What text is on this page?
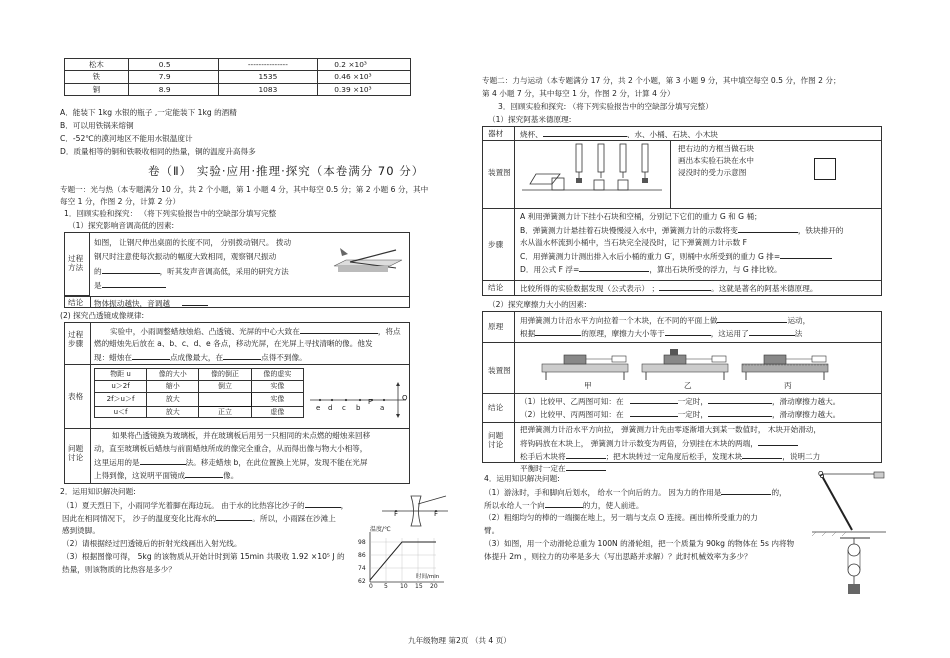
松木	0.5	---------------	0.2 ×10³
铁	7.9	1535	0.46 ×10³
铜	8.9	1083	0.39 ×10³
A．能装下 1kg 水银的瓶子 ,一定能装下 1kg 的酒精
B．可以用铁锅来熔铜
C．-52℃的漠河地区不能用水银温度计
D．质量相等的铜和铁吸收相同的热量，铜的温度升高得多
卷（Ⅱ） 实验·应用·推理·探究（本卷满分 70 分）
专题一：光与热（本专题满分 10 分，共 2 个小题，第 1 小题 4 分，其中每空 0.5 分；第 2 小题 6 分，其中
每空 1 分，作图 2 分，计算 2 分）
1．回顾实验和探究： （将下列实验报告中的空缺部分填写完整
（1）探究影响音调高低的因素:
过程方法
如图， 让钢尺伸出桌面的长度不同， 分别拨动钢尺。 拨动
钢尺时注意使每次振动的幅度大致相同，观察钢尺振动
的	，听其发声音调高低，采用的研究方法
是
结论 物体振动越快，音调越
(2) 探究凸透镜成像规律:
过程步骤
实验中，小雨调整蜡烛烛焰、凸透镜、光屏的中心大致在	，将点
燃的蜡烛先后放在 a、b、c、d、e 各点，移动光屏，在光屏上寻找清晰的像。他发
现：蜡烛在	点成像最大，在	点得不到像。
表格
物距 u	像的大小	像的倒正	像的虚实
u＞2f	缩小	倒立	实像
2f＞u＞f	放大		实像
u＜f	放大	正立	虚像	e d c b
F
a
O
问题讨论
如果将凸透镜换为玻璃板，并在玻璃板后用另一只相同的未点燃的蜡烛来回移
动，直至玻璃板后蜡烛与前面蜡烛所成的像完全重合，从而得出像与物大小相等，
这里运用的是	法。移走蜡烛 b，在此位置换上光屏，发现不能在光屏
上得到像，这说明平面镜成	像。
2．运用知识解决问题:
（1）夏天烈日下，小雨同学光着脚在海边玩。 由于水的比热容比沙子的	，
因此在相同情况下， 沙子的温度变化比海水的	。所以，小雨踩在沙滩上
感到烫脚。
（2）请根据经过凹透镜后的折射光线画出入射光线。
（3）根据图像可得， 5kg 的该物质从开始计时到第 15min 共吸收 1.92 ×10⁵ J 的
热量，则该物质的比热容是多少？
F	F
温度/℃
98
86
74
62
0 5 10 15 20
时间/min
专题二：力与运动（本专题满分 17 分，共 2 个小题，第 3 小题 9 分，其中填空每空 0.5 分，作图 2 分；
第 4 小题 7 分，其中每空 1 分，作图 2 分，计算 4 分）
3．回顾实验和探究: （将下列实验报告中的空缺部分填写完整）
（1）探究阿基米德原理:
器材 烧杯、	、水、小桶、石块、小木块
装置图
把右边的方框当做石块
画出本实验石块在水中
浸没时的受力示意图
步骤
A 利用弹簧测力计下挂小石块和空桶，分别记下它们的重力 G 和 G 桶；
B．弹簧测力计悬挂着石块慢慢浸入水中，弹簧测力计的示数将变	，铁块排开的
水从溢水杯流到小桶中，当石块完全浸没时，记下弹簧测力计示数 F
C．用弹簧测力计测出排入水后小桶的重力 G′，则桶中水所受到的重力 G 排=
D．用公式 F 浮=	，算出石块所受的浮力，与 G 排比较。
结论 比较所得的实验数据发现（公式表示） ；	。这就是著名的阿基米德原理。
（2）探究摩擦力大小的因素:
原理
用弹簧测力计沿水平方向拉着一个木块，在不同的平面上做	运动，
根据	的原理，摩擦力大小等于	，这运用了	法
装置图
甲	乙	丙
结论
（1）比较甲、乙两图可知：在	一定时，	，滑动摩擦力越大。
（2）比较甲、丙两图可知：在	一定时，	，滑动摩擦力越大。
问题讨论
把弹簧测力计沿水平方向拉， 弹簧测力计先由零逐渐增大到某一数值时， 木块开始滑动，
将钩码放在木块上， 弹簧测力计示数变为两倍，分别挂在木块的两端，
松手后木块将	；把木块转过一定角度后松手，发现木块	，说明二力
平衡时一定在
4．运用知识解决问题:
（1）游泳时，手和脚向后划水， 给水一个向后的力。 因为力的作用是	的，
所以水给人一个向	的力，使人前进。
（2）粗细均匀的棒的一端搁在地上，另一端与支点 O 连接。画出棒所受重力的力
臂。
（3）如图，用一个动滑轮总重为 100N 的滑轮组，把一个质量为 90kg 的物体在 5s 内将物
体提升 2m ，则拉力的功率是多大（写出思路并求解）？此时机械效率为多少？
O
九年级物理 第2页 （共 4 页）
